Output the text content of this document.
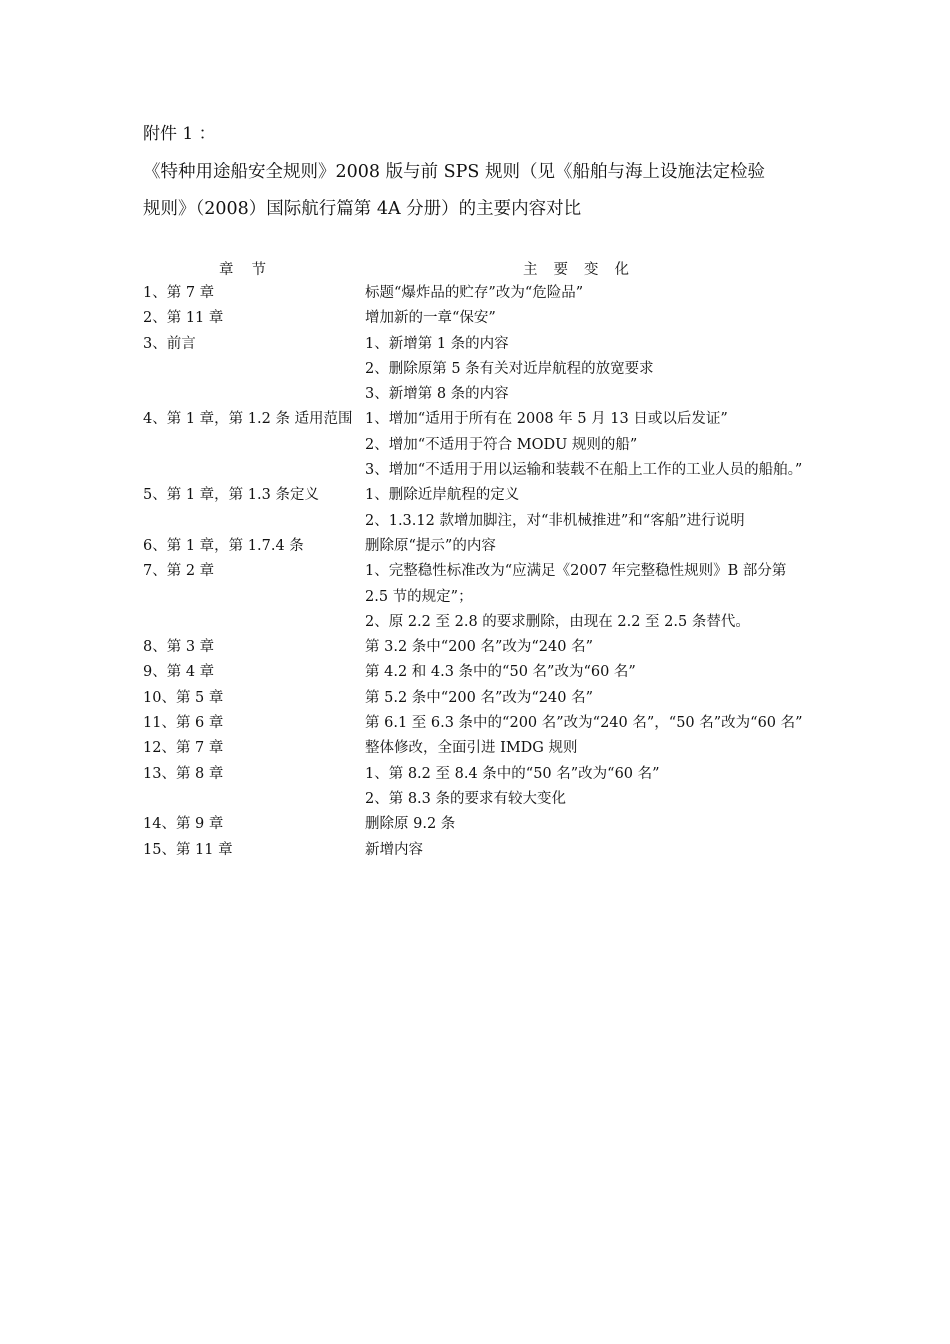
附件 1 ：
《特种用途船安全规则》2008 版与前 SPS 规则（见《船舶与海上设施法定检验
规则》（2008）国际航行篇第 4A 分册）的主要内容对比
章节	主要变化
1、第 7 章	标题“爆炸品的贮存”改为“危险品”

2、第 11 章	增加新的一章“保安”

3、前言	1、新增第 1 条的内容
2、删除原第 5 条有关对近岸航程的放宽要求
3、新增第 8 条的内容

4、第 1 章，第 1.2 条 适用范围	1、增加“适用于所有在 2008 年 5 月 13 日或以后发证”
2、增加“不适用于符合 MODU 规则的船”
3、增加“不适用于用以运输和装载不在船上工作的工业人员的船舶。”

5、第 1 章，第 1.3 条定义	1、删除近岸航程的定义
2、1.3.12 款增加脚注，对“非机械推进”和“客船”进行说明

6、第 1 章，第 1.7.4 条	删除原“提示”的内容

7、第 2 章	1、完整稳性标准改为“应满足《2007 年完整稳性规则》B 部分第 2.5 节的规定”；
2、原 2.2 至 2.8 的要求删除，由现在 2.2 至 2.5 条替代。

8、第 3 章	第 3.2 条中“200 名”改为“240 名”

9、第 4 章	第 4.2 和 4.3 条中的“50 名”改为“60 名”

10、第 5 章	第 5.2 条中“200 名”改为“240 名”

11、第 6 章	第 6.1 至 6.3 条中的“200 名”改为“240 名”，“50 名”改为“60 名”

12、第 7 章	整体修改，全面引进 IMDG 规则

13、第 8 章	1、第 8.2 至 8.4 条中的“50 名”改为“60 名”
2、第 8.3 条的要求有较大变化

14、第 9 章	删除原 9.2 条

15、第 11 章	新增内容
